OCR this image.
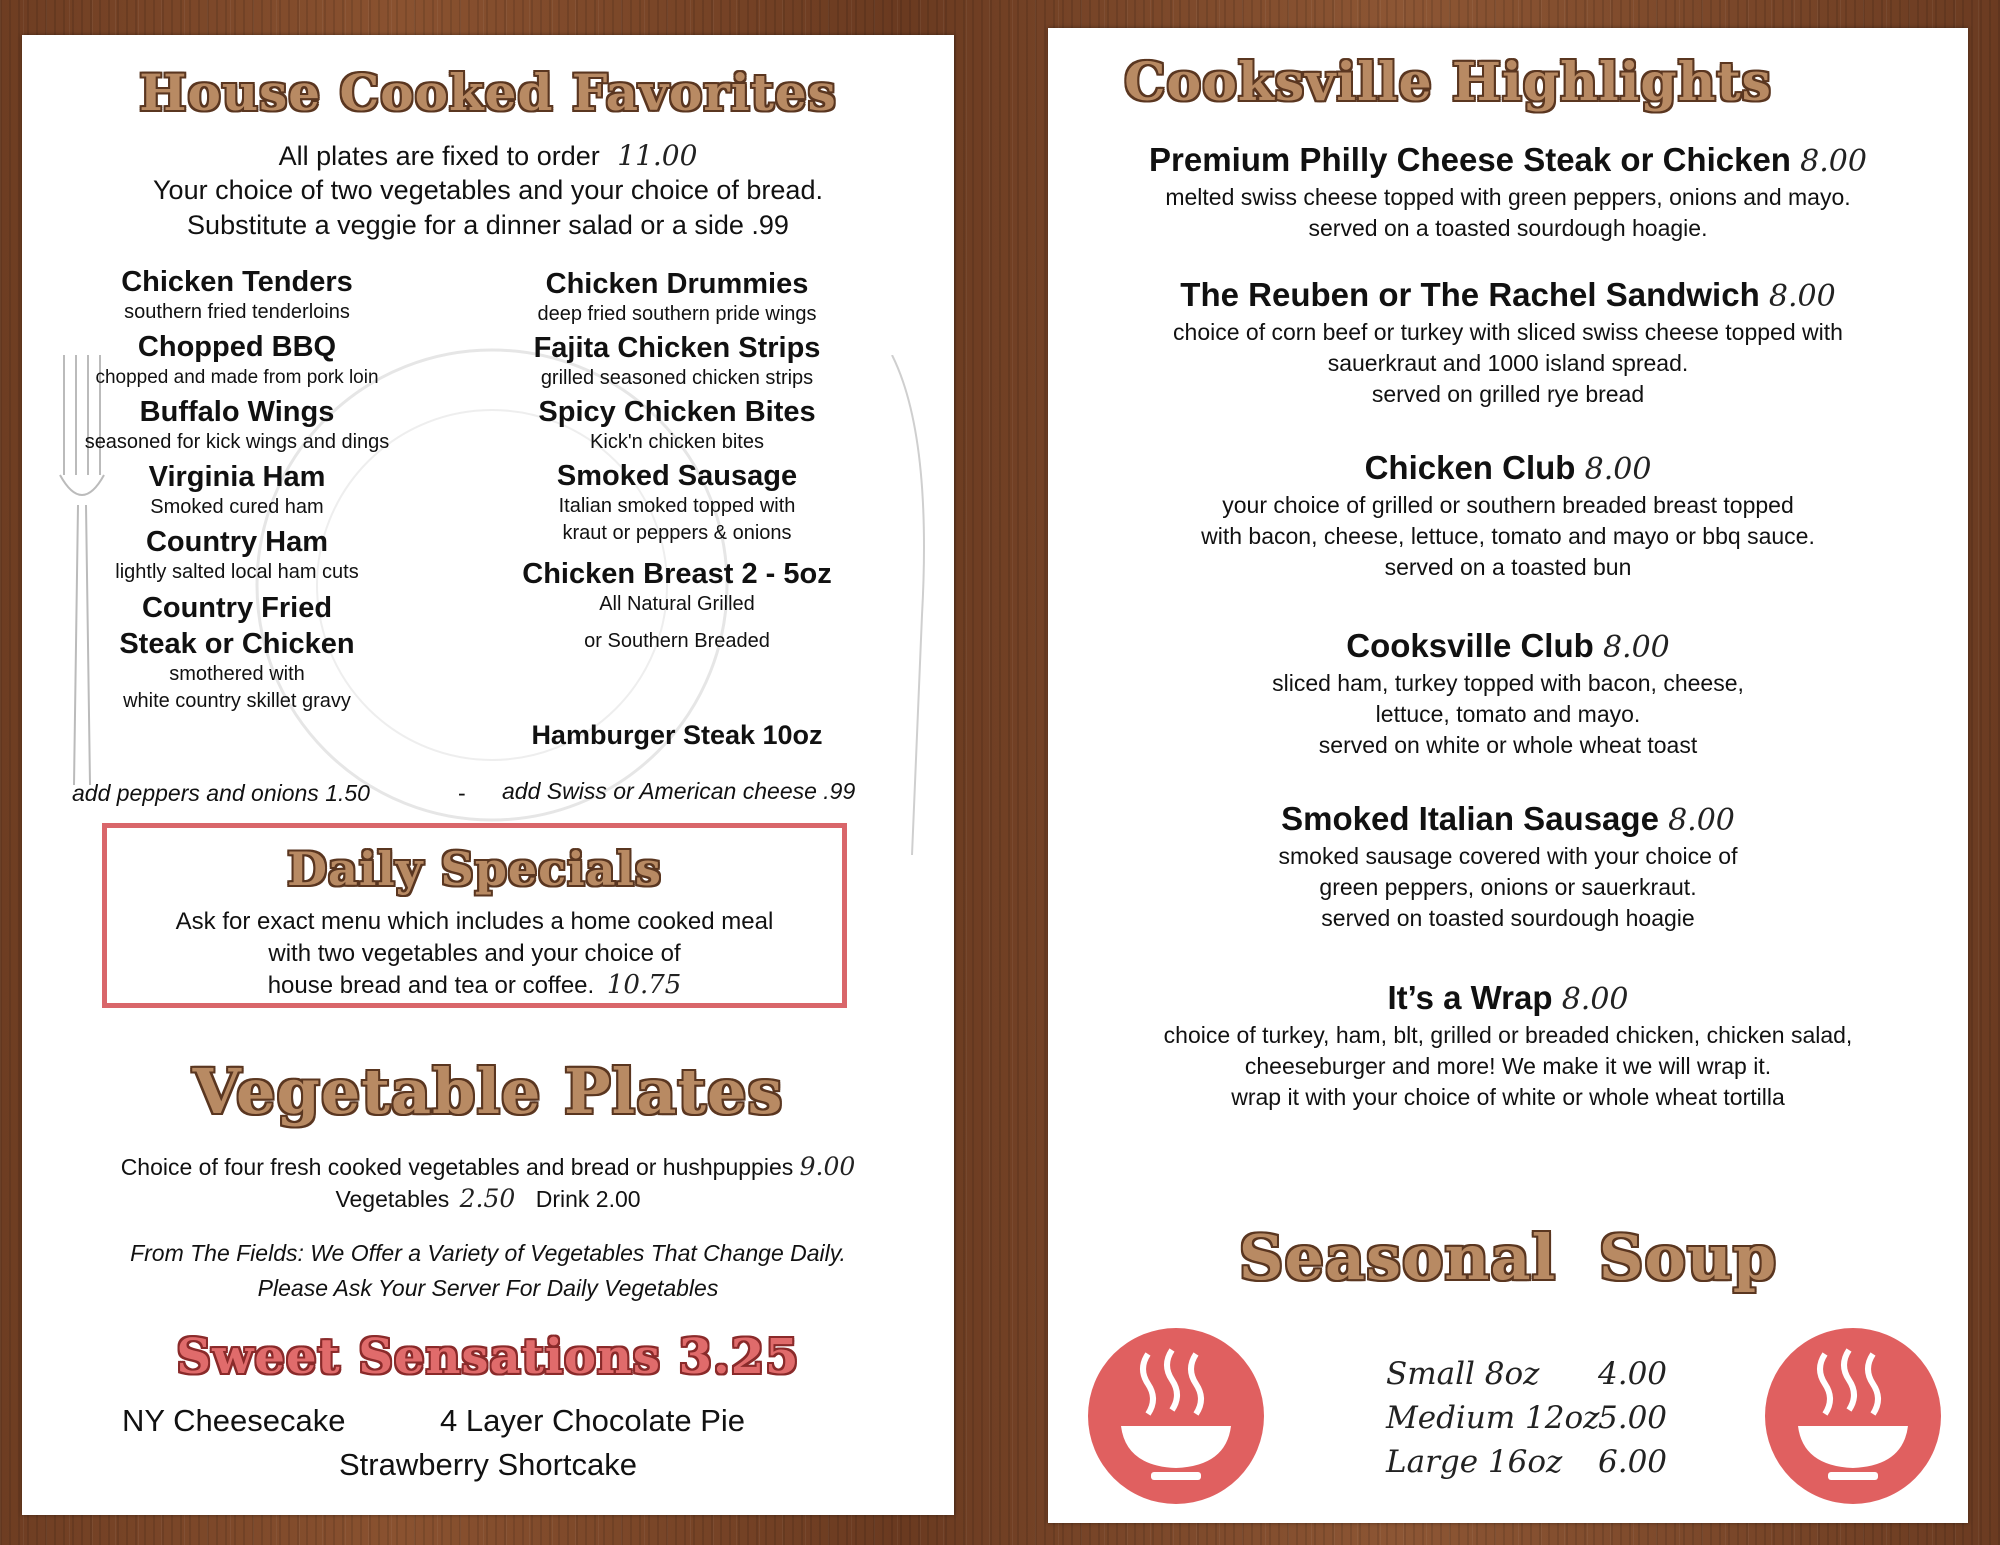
House Cooked Favorites
All plates are fixed to order 11.00
Your choice of two vegetables and your choice of bread.
Substitute a veggie for a dinner salad or a side .99
Chicken Tenders
southern fried tenderloins
Chopped BBQ
chopped and made from pork loin
Buffalo Wings
seasoned for kick wings and dings
Virginia Ham
Smoked cured ham
Country Ham
lightly salted local ham cuts
Country Fried
Steak or Chicken
smothered with
white country skillet gravy
Chicken Drummies
deep fried southern pride wings
Fajita Chicken Strips
grilled seasoned chicken strips
Spicy Chicken Bites
Kick'n chicken bites
Smoked Sausage
Italian smoked topped with
kraut or peppers & onions
Chicken Breast 2 - 5oz
All Natural Grilled
or Southern Breaded
Hamburger Steak 10oz
add peppers and onions 1.50	- add Swiss or American cheese .99
Daily Specials
Ask for exact menu which includes a home cooked meal
with two vegetables and your choice of
house bread and tea or coffee. 10.75
Vegetable Plates
Choice of four fresh cooked vegetables and bread or hushpuppies 9.00
Vegetables 2.50 Drink 2.00
From The Fields: We Offer a Variety of Vegetables That Change Daily.
Please Ask Your Server For Daily Vegetables
Sweet Sensations 3.25
NY Cheesecake	4 Layer Chocolate Pie
Strawberry Shortcake
Cooksville Highlights
Premium Philly Cheese Steak or Chicken 8.00
melted swiss cheese topped with green peppers, onions and mayo.
served on a toasted sourdough hoagie.
The Reuben or The Rachel Sandwich 8.00
choice of corn beef or turkey with sliced swiss cheese topped with
sauerkraut and 1000 island spread.
served on grilled rye bread
Chicken Club 8.00
your choice of grilled or southern breaded breast topped
with bacon, cheese, lettuce, tomato and mayo or bbq sauce.
served on a toasted bun
Cooksville Club 8.00
sliced ham, turkey topped with bacon, cheese,
lettuce, tomato and mayo.
served on white or whole wheat toast
Smoked Italian Sausage 8.00
smoked sausage covered with your choice of
green peppers, onions or sauerkraut.
served on toasted sourdough hoagie
It’s a Wrap 8.00
choice of turkey, ham, blt, grilled or breaded chicken, chicken salad,
cheeseburger and more! We make it we will wrap it.
wrap it with your choice of white or whole wheat tortilla
Seasonal Soup
Small 8oz 4.00
Medium 12oz
5.00
Large 16oz 6.00
